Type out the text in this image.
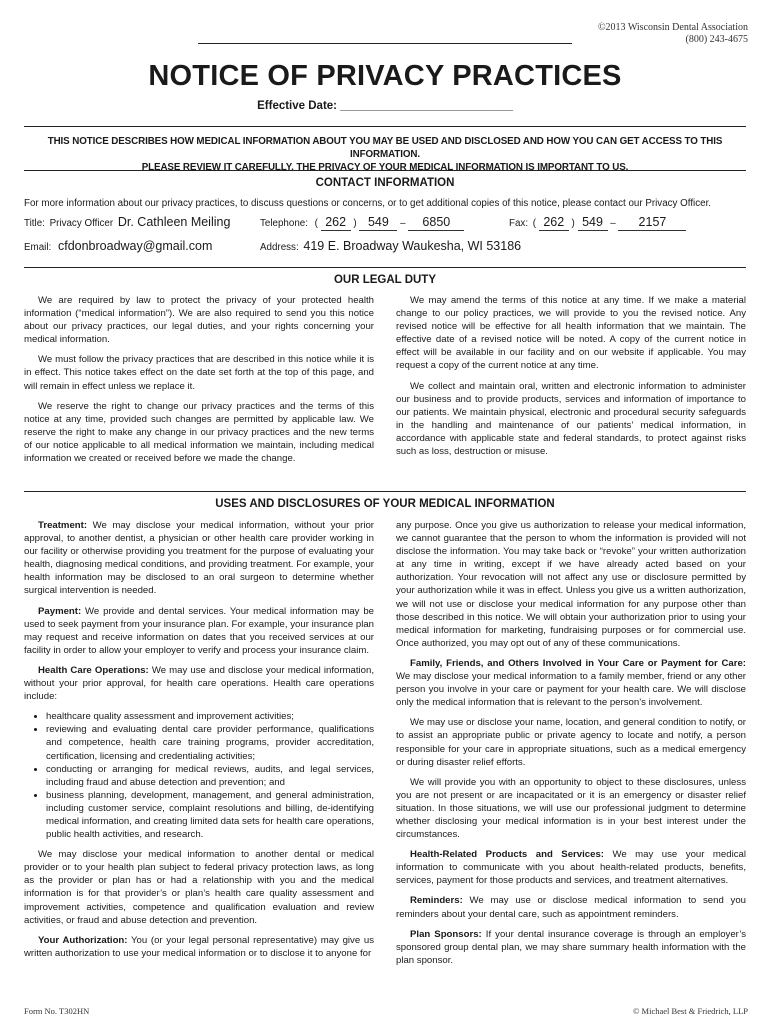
©2013 Wisconsin Dental Association
(800) 243-4675
NOTICE OF PRIVACY PRACTICES
Effective Date: ___________________________
THIS NOTICE DESCRIBES HOW MEDICAL INFORMATION ABOUT YOU MAY BE USED AND DISCLOSED AND HOW YOU CAN GET ACCESS TO THIS INFORMATION.
PLEASE REVIEW IT CAREFULLY. THE PRIVACY OF YOUR MEDICAL INFORMATION IS IMPORTANT TO US.
CONTACT INFORMATION
For more information about our privacy practices, to discuss questions or concerns, or to get additional copies of this notice, please contact our Privacy Officer.
Title: Privacy Officer Dr. Cathleen Meiling
Email: cfdonbroadway@gmail.com
Telephone: ( 262 ) 549 – 6850	Fax: ( 262 ) 549 – 2157
Address: 419 E. Broadway Waukesha, WI 53186
OUR LEGAL DUTY

We are required by law to protect the privacy of your protected health information (“medical information”). We are also required to send you this notice about our privacy practices, our legal duties, and your rights concerning your medical information.

We must follow the privacy practices that are described in this notice while it is in effect. This notice takes effect on the date set forth at the top of this page, and will remain in effect unless we replace it.

We reserve the right to change our privacy practices and the terms of this notice at any time, provided such changes are permitted by applicable law. We reserve the right to make any change in our privacy practices and the new terms of our notice applicable to all medical information we maintain, including medical information we created or received before we made the change.

We may amend the terms of this notice at any time. If we make a material change to our policy practices, we will provide to you the revised notice. Any revised notice will be effective for all health information that we maintain. The effective date of a revised notice will be noted. A copy of the current notice in effect will be available in our facility and on our website if applicable. You may request a copy of the current notice at any time.

We collect and maintain oral, written and electronic information to administer our business and to provide products, services and information of importance to our patients. We maintain physical, electronic and procedural security safeguards in the handling and maintenance of our patients’ medical information, in accordance with applicable state and federal standards, to protect against risks such as loss, destruction or misuse.

USES AND DISCLOSURES OF YOUR MEDICAL INFORMATION

Treatment: We may disclose your medical information, without your prior approval, to another dentist, a physician or other health care provider working in our facility or otherwise providing you treatment for the purpose of evaluating your health, diagnosing medical conditions, and providing treatment. For example, your health information may be disclosed to an oral surgeon to determine whether surgical intervention is needed.

Payment: We provide and dental services. Your medical information may be used to seek payment from your insurance plan. For example, your insurance plan may request and receive information on dates that you received services at our facility in order to allow your employer to verify and process your insurance claim.

Health Care Operations: We may use and disclose your medical information, without your prior approval, for health care operations. Health care operations include:

• healthcare quality assessment and improvement activities;
• reviewing and evaluating dental care provider performance, qualifications and competence, health care training programs, provider accreditation, certification, licensing and credentialing activities;
• conducting or arranging for medical reviews, audits, and legal services, including fraud and abuse detection and prevention; and
• business planning, development, management, and general administration, including customer service, complaint resolutions and billing, de-identifying medical information, and creating limited data sets for health care operations, public health activities, and research.

We may disclose your medical information to another dental or medical provider or to your health plan subject to federal privacy protection laws, as long as the provider or plan has or had a relationship with you and the medical information is for that provider’s or plan’s health care quality assessment and improvement activities, competence and qualification evaluation and review activities, or fraud and abuse detection and prevention.

Your Authorization: You (or your legal personal representative) may give us written authorization to use your medical information or to disclose it to anyone for

any purpose. Once you give us authorization to release your medical information, we cannot guarantee that the person to whom the information is provided will not disclose the information. You may take back or “revoke” your written authorization at any time in writing, except if we have already acted based on your authorization. Your revocation will not affect any use or disclosure permitted by your authorization while it was in effect. Unless you give us a written authorization, we will not use or disclose your medical information for any purpose other than those described in this notice. We will obtain your authorization prior to using your medical information for marketing, fundraising purposes or for commercial use. Once authorized, you may opt out of any of these communications.

Family, Friends, and Others Involved in Your Care or Payment for Care: We may disclose your medical information to a family member, friend or any other person you involve in your care or payment for your health care. We will disclose only the medical information that is relevant to the person’s involvement.

We may use or disclose your name, location, and general condition to notify, or to assist an appropriate public or private agency to locate and notify, a person responsible for your care in appropriate situations, such as a medical emergency or during disaster relief efforts.

We will provide you with an opportunity to object to these disclosures, unless you are not present or are incapacitated or it is an emergency or disaster relief situation. In those situations, we will use our professional judgment to determine whether disclosing your medical information is in your best interest under the circumstances.

Health-Related Products and Services: We may use your medical information to communicate with you about health-related products, benefits, services, payment for those products and services, and treatment alternatives.

Reminders: We may use or disclose medical information to send you reminders about your dental care, such as appointment reminders.

Plan Sponsors: If your dental insurance coverage is through an employer’s sponsored group dental plan, we may share summary health information with the plan sponsor.

Form No. T302HN	© Michael Best & Friedrich, LLP
